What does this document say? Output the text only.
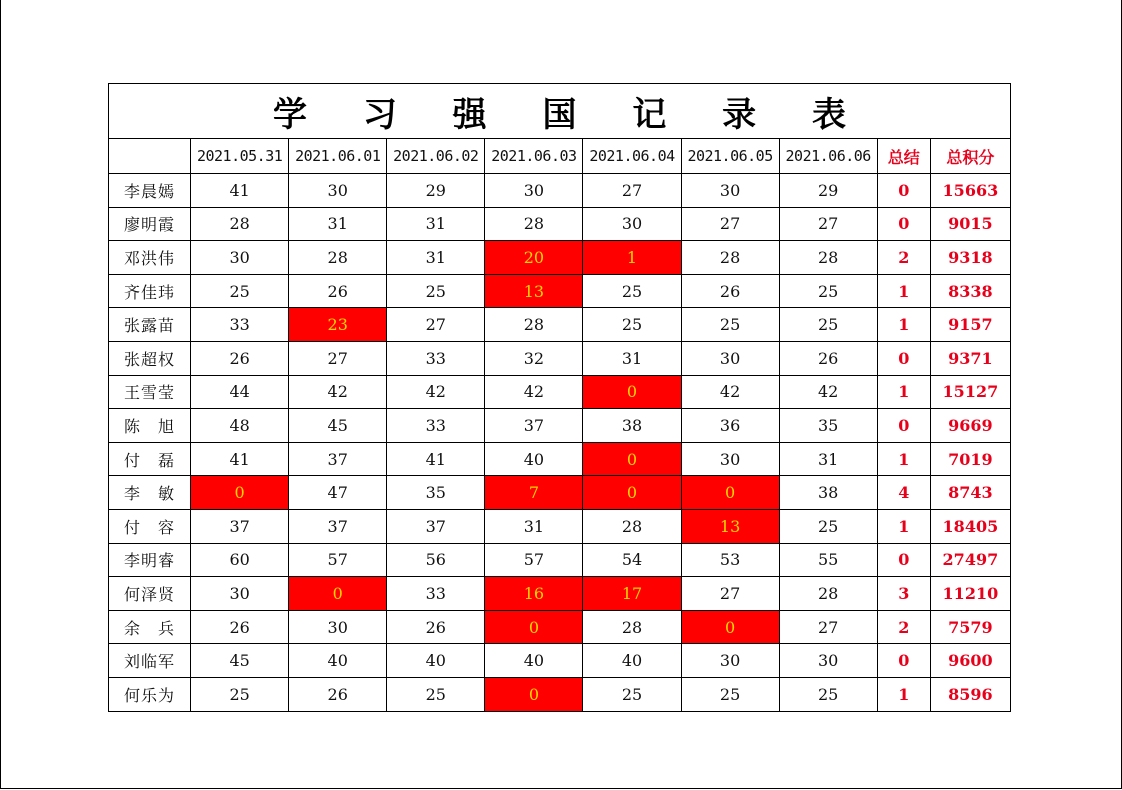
学 习 强 国 记 录 表									
	2021.05.31	2021.06.01	2021.06.02	2021.06.03	2021.06.04	2021.06.05	2021.06.06	总结	总积分
李晨嫣	41	30	29	30	27	30	29	0	15663
廖明霞	28	31	31	28	30	27	27	0	9015
邓洪伟	30	28	31	20	1	28	28	2	9318
齐佳玮	25	26	25	13	25	26	25	1	8338
张露苗	33	23	27	28	25	25	25	1	9157
张超权	26	27	33	32	31	30	26	0	9371
王雪莹	44	42	42	42	0	42	42	1	15127
陈　旭	48	45	33	37	38	36	35	0	9669
付　磊	41	37	41	40	0	30	31	1	7019
李　敏	0	47	35	7	0	0	38	4	8743
付　容	37	37	37	31	28	13	25	1	18405
李明睿	60	57	56	57	54	53	55	0	27497
何泽贤	30	0	33	16	17	27	28	3	11210
余　兵	26	30	26	0	28	0	27	2	7579
刘临军	45	40	40	40	40	30	30	0	9600
何乐为	25	26	25	0	25	25	25	1	8596
